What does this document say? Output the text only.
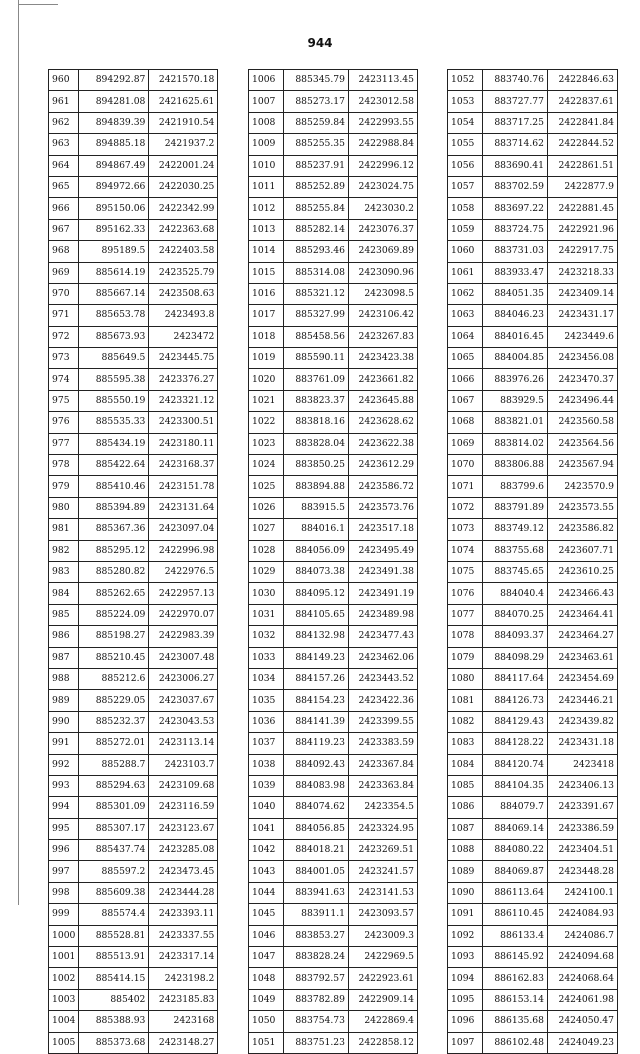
944
960	894292.87	2421570.18
961	894281.08	2421625.61
962	894839.39	2421910.54
963	894885.18	2421937.2
964	894867.49	2422001.24
965	894972.66	2422030.25
966	895150.06	2422342.99
967	895162.33	2422363.68
968	895189.5	2422403.58
969	885614.19	2423525.79
970	885667.14	2423508.63
971	885653.78	2423493.8
972	885673.93	2423472
973	885649.5	2423445.75
974	885595.38	2423376.27
975	885550.19	2423321.12
976	885535.33	2423300.51
977	885434.19	2423180.11
978	885422.64	2423168.37
979	885410.46	2423151.78
980	885394.89	2423131.64
981	885367.36	2423097.04
982	885295.12	2422996.98
983	885280.82	2422976.5
984	885262.65	2422957.13
985	885224.09	2422970.07
986	885198.27	2422983.39
987	885210.45	2423007.48
988	885212.6	2423006.27
989	885229.05	2423037.67
990	885232.37	2423043.53
991	885272.01	2423113.14
992	885288.7	2423103.7
993	885294.63	2423109.68
994	885301.09	2423116.59
995	885307.17	2423123.67
996	885437.74	2423285.08
997	885597.2	2423473.45
998	885609.38	2423444.28
999	885574.4	2423393.11
1000	885528.81	2423337.55
1001	885513.91	2423317.14
1002	885414.15	2423198.2
1003	885402	2423185.83
1004	885388.93	2423168
1005	885373.68	2423148.27
1006	885345.79	2423113.45
1007	885273.17	2423012.58
1008	885259.84	2422993.55
1009	885255.35	2422988.84
1010	885237.91	2422996.12
1011	885252.89	2423024.75
1012	885255.84	2423030.2
1013	885282.14	2423076.37
1014	885293.46	2423069.89
1015	885314.08	2423090.96
1016	885321.12	2423098.5
1017	885327.99	2423106.42
1018	885458.56	2423267.83
1019	885590.11	2423423.38
1020	883761.09	2423661.82
1021	883823.37	2423645.88
1022	883818.16	2423628.62
1023	883828.04	2423622.38
1024	883850.25	2423612.29
1025	883894.88	2423586.72
1026	883915.5	2423573.76
1027	884016.1	2423517.18
1028	884056.09	2423495.49
1029	884073.38	2423491.38
1030	884095.12	2423491.19
1031	884105.65	2423489.98
1032	884132.98	2423477.43
1033	884149.23	2423462.06
1034	884157.26	2423443.52
1035	884154.23	2423422.36
1036	884141.39	2423399.55
1037	884119.23	2423383.59
1038	884092.43	2423367.84
1039	884083.98	2423363.84
1040	884074.62	2423354.5
1041	884056.85	2423324.95
1042	884018.21	2423269.51
1043	884001.05	2423241.57
1044	883941.63	2423141.53
1045	883911.1	2423093.57
1046	883853.27	2423009.3
1047	883828.24	2422969.5
1048	883792.57	2422923.61
1049	883782.89	2422909.14
1050	883754.73	2422869.4
1051	883751.23	2422858.12
1052	883740.76	2422846.63
1053	883727.77	2422837.61
1054	883717.25	2422841.84
1055	883714.62	2422844.52
1056	883690.41	2422861.51
1057	883702.59	2422877.9
1058	883697.22	2422881.45
1059	883724.75	2422921.96
1060	883731.03	2422917.75
1061	883933.47	2423218.33
1062	884051.35	2423409.14
1063	884046.23	2423431.17
1064	884016.45	2423449.6
1065	884004.85	2423456.08
1066	883976.26	2423470.37
1067	883929.5	2423496.44
1068	883821.01	2423560.58
1069	883814.02	2423564.56
1070	883806.88	2423567.94
1071	883799.6	2423570.9
1072	883791.89	2423573.55
1073	883749.12	2423586.82
1074	883755.68	2423607.71
1075	883745.65	2423610.25
1076	884040.4	2423466.43
1077	884070.25	2423464.41
1078	884093.37	2423464.27
1079	884098.29	2423463.61
1080	884117.64	2423454.69
1081	884126.73	2423446.21
1082	884129.43	2423439.82
1083	884128.22	2423431.18
1084	884120.74	2423418
1085	884104.35	2423406.13
1086	884079.7	2423391.67
1087	884069.14	2423386.59
1088	884080.22	2423404.51
1089	884069.87	2423448.28
1090	886113.64	2424100.1
1091	886110.45	2424084.93
1092	886133.4	2424086.7
1093	886145.92	2424094.68
1094	886162.83	2424068.64
1095	886153.14	2424061.98
1096	886135.68	2424050.47
1097	886102.48	2424049.23
